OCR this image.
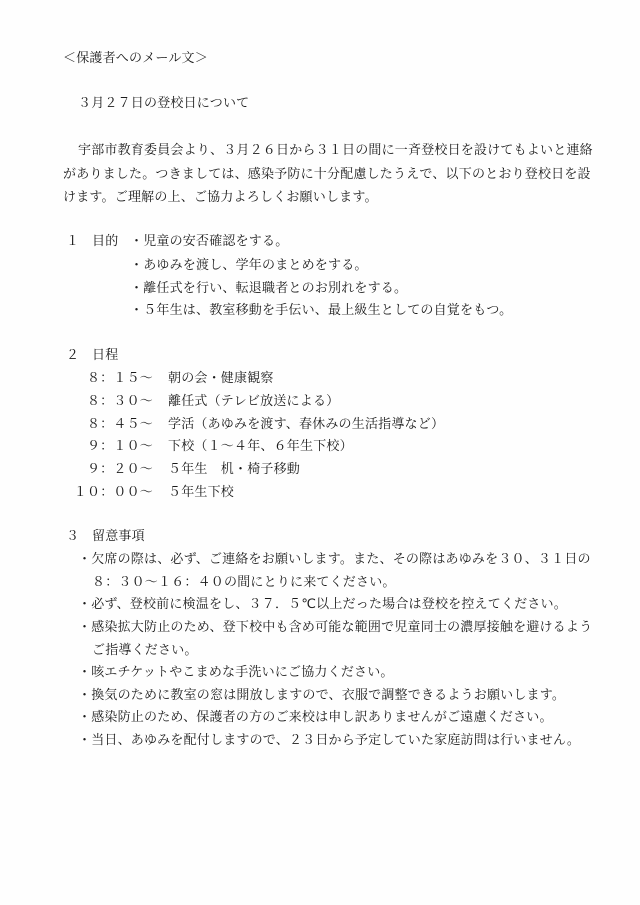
＜保護者へのメール文＞
３月２７日の登校日について
宇部市教育委員会より、３月２６日から３１日の間に一斉登校日を設けてもよいと連絡
がありました。つきましては、感染予防に十分配慮したうえで、以下のとおり登校日を設
けます。ご理解の上、ご協力よろしくお願いします。
１ 目的 ・児童の安否確認をする。
・あゆみを渡し、学年のまとめをする。
・離任式を行い、転退職者とのお別れをする。
・５年生は、教室移動を手伝い、最上級生としての自覚をもつ。
２ 日程
８：１５～ 朝の会・健康観察
８：３０～ 離任式（テレビ放送による）
８：４５～ 学活（あゆみを渡す、春休みの生活指導など）
９：１０～ 下校（１～４年、６年生下校）
９：２０～ ５年生　机・椅子移動
１０：００～ ５年生下校
３ 留意事項
・欠席の際は、必ず、ご連絡をお願いします。また、その際はあゆみを３０、３１日の
８：３０～１６：４０の間にとりに来てください。
・必ず、登校前に検温をし、３７．５℃以上だった場合は登校を控えてください。
・感染拡大防止のため、登下校中も含め可能な範囲で児童同士の濃厚接触を避けるよう
ご指導ください。
・咳エチケットやこまめな手洗いにご協力ください。
・換気のために教室の窓は開放しますので、衣服で調整できるようお願いします。
・感染防止のため、保護者の方のご来校は申し訳ありませんがご遠慮ください。
・当日、あゆみを配付しますので、２３日から予定していた家庭訪問は行いません。
